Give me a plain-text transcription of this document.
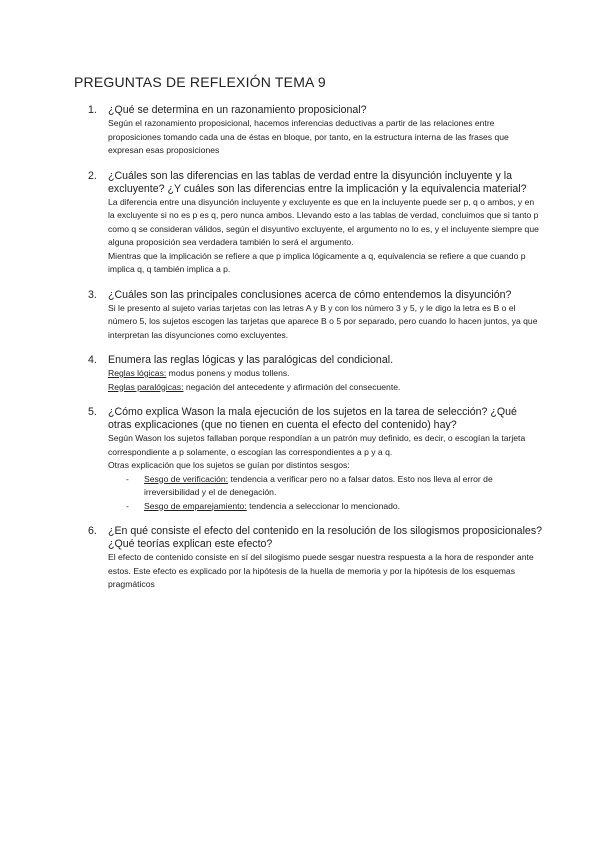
PREGUNTAS DE REFLEXIÓN TEMA 9
1. ¿Qué se determina en un razonamiento proposicional?

Según el razonamiento proposicional, hacemos inferencias deductivas a partir de las relaciones entre proposiciones tomando cada una de éstas en bloque, por tanto, en la estructura interna de las frases que expresan esas proposiciones

2. ¿Cuáles son las diferencias en las tablas de verdad entre la disyunción incluyente y la excluyente? ¿Y cuáles son las diferencias entre la implicación y la equivalencia material?

La diferencia entre una disyunción incluyente y excluyente es que en la incluyente puede ser p, q o ambos, y en la excluyente si no es p es q, pero nunca ambos. Llevando esto a las tablas de verdad, concluimos que si tanto p como q se consideran válidos, según el disyuntivo excluyente, el argumento no lo es, y el incluyente siempre que alguna proposición sea verdadera también lo será el argumento.

Mientras que la implicación se refiere a que p implica lógicamente a q, equivalencia se refiere a que cuando p implica q, q también implica a p.

3. ¿Cuáles son las principales conclusiones acerca de cómo entendemos la disyunción?

Si le presento al sujeto varias tarjetas con las letras A y B y con los número 3 y 5, y le digo la letra es B o el número 5, los sujetos escogen las tarjetas que aparece B o 5 por separado, pero cuando lo hacen juntos, ya que interpretan las disyunciones como excluyentes.

4. Enumera las reglas lógicas y las paralógicas del condicional.

Reglas lógicas: modus ponens y modus tollens.

Reglas paralógicas: negación del antecedente y afirmación del consecuente.

5. ¿Cómo explica Wason la mala ejecución de los sujetos en la tarea de selección? ¿Qué otras explicaciones (que no tienen en cuenta el efecto del contenido) hay?

Según Wason los sujetos fallaban porque respondían a un patrón muy definido, es decir, o escogían la tarjeta correspondiente a p solamente, o escogían las correspondientes a p y a q.

Otras explicación que los sujetos se guían por distintos sesgos:

- Sesgo de verificación: tendencia a verificar pero no a falsar datos. Esto nos lleva al error de irreversibilidad y el de denegación.

- Sesgo de emparejamiento: tendencia a seleccionar lo mencionado.

6. ¿En qué consiste el efecto del contenido en la resolución de los silogismos proposicionales? ¿Qué teorías explican este efecto?

El efecto de contenido consiste en sí del silogismo puede sesgar nuestra respuesta a la hora de responder ante estos. Este efecto es explicado por la hipótesis de la huella de memoria y por la hipótesis de los esquemas pragmáticos
